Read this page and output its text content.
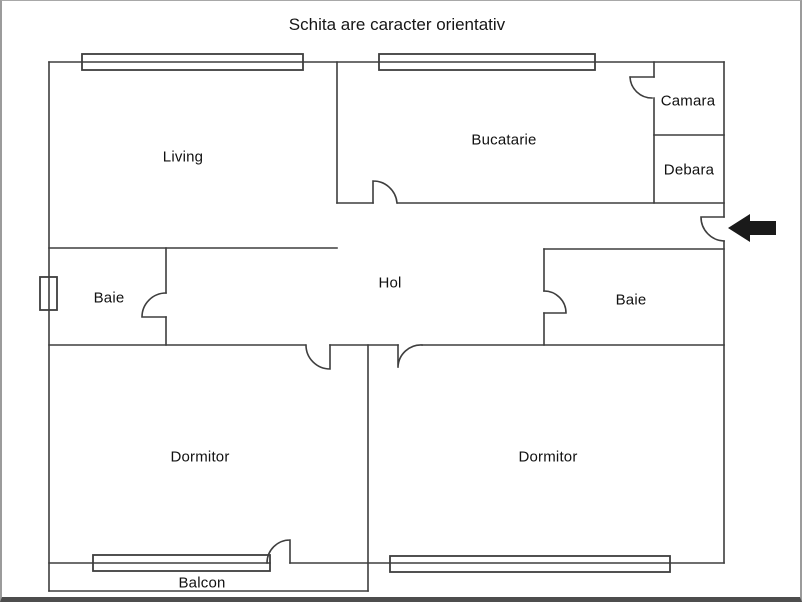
Schita are caracter orientativ
Living
Bucatarie
Camara
Debara
Baie
Hol
Baie
Dormitor	Dormitor
Balcon
